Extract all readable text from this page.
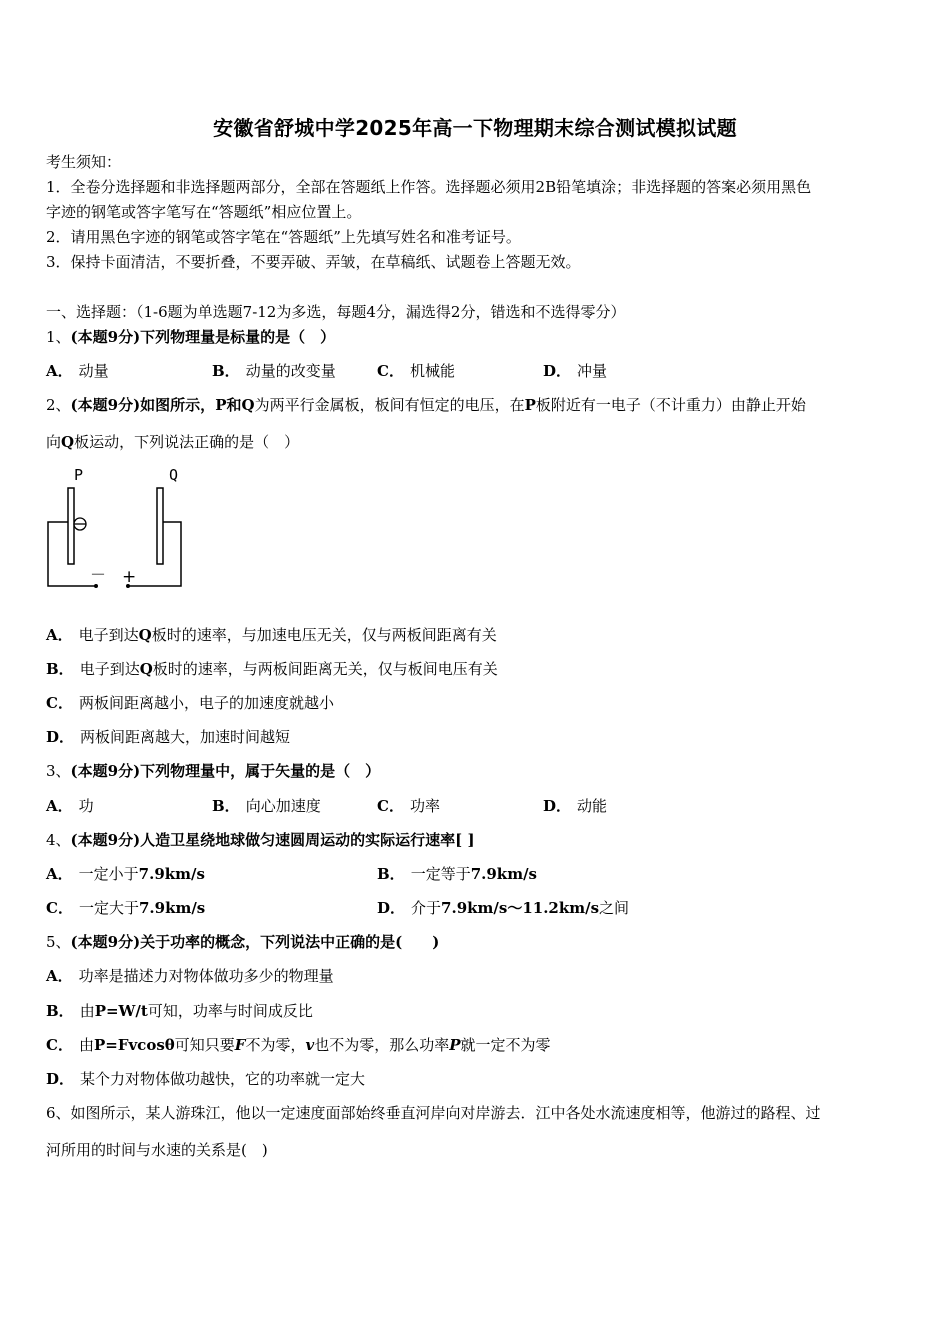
安徽省舒城中学2025年高一下物理期末综合测试模拟试题
考生须知：
1．全卷分选择题和非选择题两部分，全部在答题纸上作答。选择题必须用2B铅笔填涂；非选择题的答案必须用黑色
字迹的钢笔或答字笔写在“答题纸”相应位置上。
2．请用黑色字迹的钢笔或答字笔在“答题纸”上先填写姓名和准考证号。
3．保持卡面清洁，不要折叠，不要弄破、弄皱，在草稿纸、试题卷上答题无效。
一、选择题：（1-6题为单选题7-12为多选，每题4分，漏选得2分，错选和不选得零分）
1、(本题9分)下列物理量是标量的是（　）
A． 动量	B． 动量的改变量	C． 机械能	D． 冲量
2、(本题9分)如图所示，P和Q为两平行金属板，板间有恒定的电压，在P板附近有一电子（不计重力）由静止开始
向Q板运动，下列说法正确的是（　）
P	Q
－ +
A． 电子到达Q板时的速率，与加速电压无关，仅与两板间距离有关
B． 电子到达Q板时的速率，与两板间距离无关，仅与板间电压有关
C． 两板间距离越小，电子的加速度就越小
D． 两板间距离越大，加速时间越短
3、(本题9分)下列物理量中，属于矢量的是（　）
A． 功	B． 向心加速度	C． 功率	D． 动能
4、(本题9分)人造卫星绕地球做匀速圆周运动的实际运行速率[ ]
A． 一定小于7.9km/s	B． 一定等于7.9km/s
C． 一定大于7.9km/s	D． 介于7.9km/s～11.2km/s之间
5、(本题9分)关于功率的概念，下列说法中正确的是(　　)
A． 功率是描述力对物体做功多少的物理量
B． 由P=W/t可知，功率与时间成反比
C． 由P=Fvcosθ可知只要F不为零，v也不为零，那么功率P就一定不为零
D． 某个力对物体做功越快，它的功率就一定大
6、如图所示，某人游珠江，他以一定速度面部始终垂直河岸向对岸游去．江中各处水流速度相等，他游过的路程、过
河所用的时间与水速的关系是(　)
